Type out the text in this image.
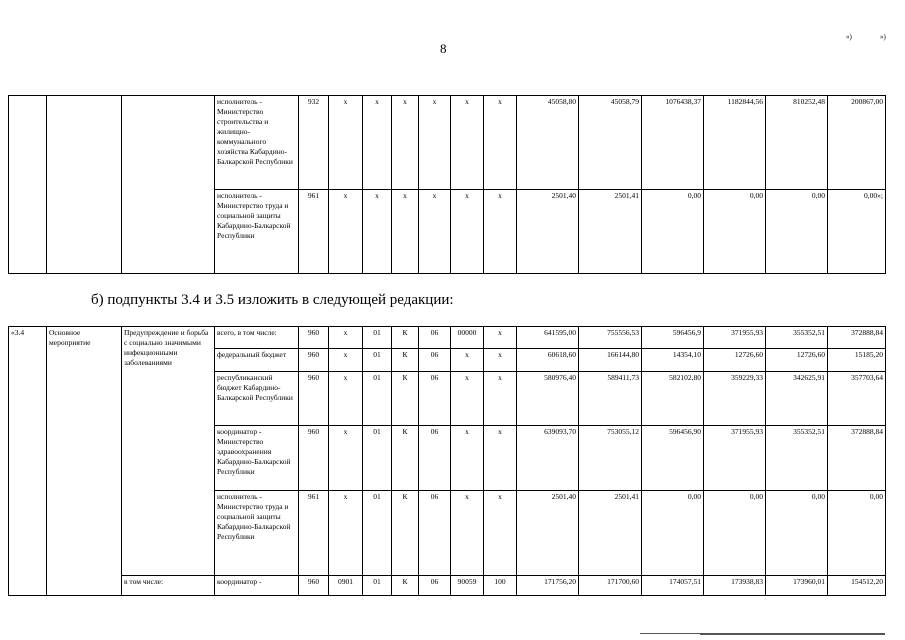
8
«)	»)
			исполнитель - Министерство строительства и жилищно-коммунального хозяйства Кабардино-Балкарской Республики	932	х	х	х	х	х	х	45058,80	45058,79	1076438,37	1182844,56	810252,48	200867,00
			исполнитель - Министерство труда и социальной защиты Кабардино-Балкарской Республики	961	х	х	х	х	х	х	2501,40	2501,41	0,00	0,00	0,00	0,00»;
б) подпункты 3.4 и 3.5 изложить в следующей редакции:
«3.4	Основное мероприятие	Предупреждение и борьба с социально значимыми инфекционными заболеваниями	всего, в том числе:	960	х	01	К	06	00000	х	641595,00	755556,53	596456,9	371955,93	355352,51	372888,84
			федеральный бюджет	960	х	01	К	06	х	х	60618,60	166144,80	14354,10	12726,60	12726,60	15185,20
			республиканский бюджет Кабардино-Балкарской Республики	960	х	01	К	06	х	х	580976,40	589411,73	582102,80	359229,33	342625,91	357703,64
			координатор - Министерство здравоохранения Кабардино-Балкарской Республики	960	х	01	К	06	х	х	639093,70	753055,12	596456,90	371955,93	355352,51	372888,84
			исполнитель - Министерство труда и социальной защиты Кабардино-Балкарской Республики	961	х	01	К	06	х	х	2501,40	2501,41	0,00	0,00	0,00	0,00
		в том числе:	координатор -	960	0901	01	К	06	90059	100	171756,20	171700,60	174057,51	173938,83	173960,01	154512,20
